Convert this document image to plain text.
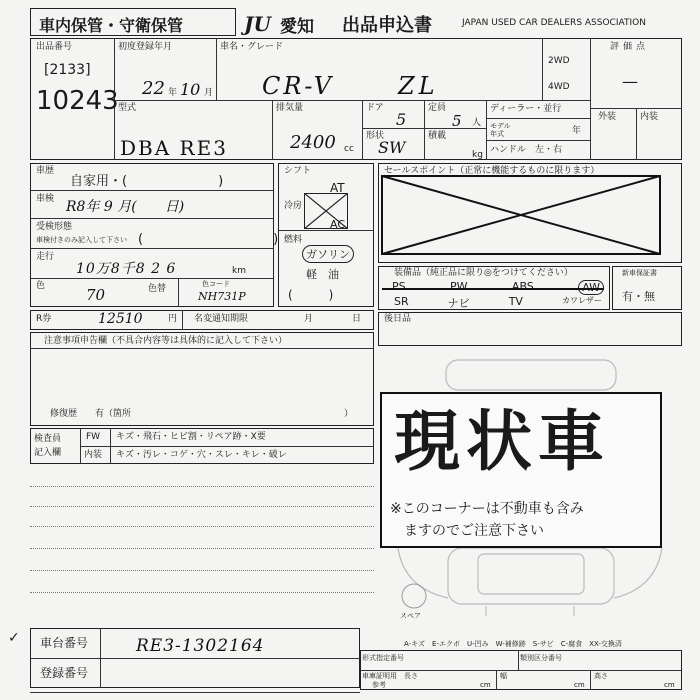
車内保管・守衛保管	JU 愛知 出品申込書	JAPAN USED CAR DEALERS ASSOCIATION
出品番号
[2133]
10243
初度登録年月
22 年 10 月
車名・グレード
CR-V	ZL
2WD
4WD
評価点
—
外装	内装
型式
DBA RE3
排気量
2400 cc
ドア
5
定員
5 人
形状
SW
積載
kg
ディーラー・並行
モデル
年式	年
ハンドル　左・右
車歴
自家用・(　　　　　　　)
車検 R8年 9 月(　　日)
受検形態
車検付きのみ記入して下さい (　　　　　　　　　　)
走行
10万8千8 2 6	km
色	70	色替	色コード
NH731P
シフト
AT
冷房
AC
燃料
ガソリン
軽　油
(　　　)
セールスポイント（正常に機能するものに限ります）
装備品（純正品に限り◎をつけてください）
PS	PW	ABS	AW
SR	ナビ	TV	カワレザー
新車保証書
有・無
R券	12510	円 名変通知期限	月	日	後日品
注意事項申告欄（不具合内容等は具体的に記入して下さい）
修復歴　　有（箇所	）
検査員
記入欄
FW キズ・飛石・ヒビ割・リペア跡・X要
内装 キズ・汚レ・コゲ・穴・スレ・キレ・破レ
スペア
現状車
※このコーナーは不動車も含み
ますのでご注意下さい
A-キズ　E-エクボ　U-凹み　W-補修跡　S-サビ　C-腐食　XX-交換済
車台番号	RE3-1302164
登録番号
✓
形式指定番号	類別区分番号
車庫証明用
参考
長さ
cm
幅
cm
高さ
cm
